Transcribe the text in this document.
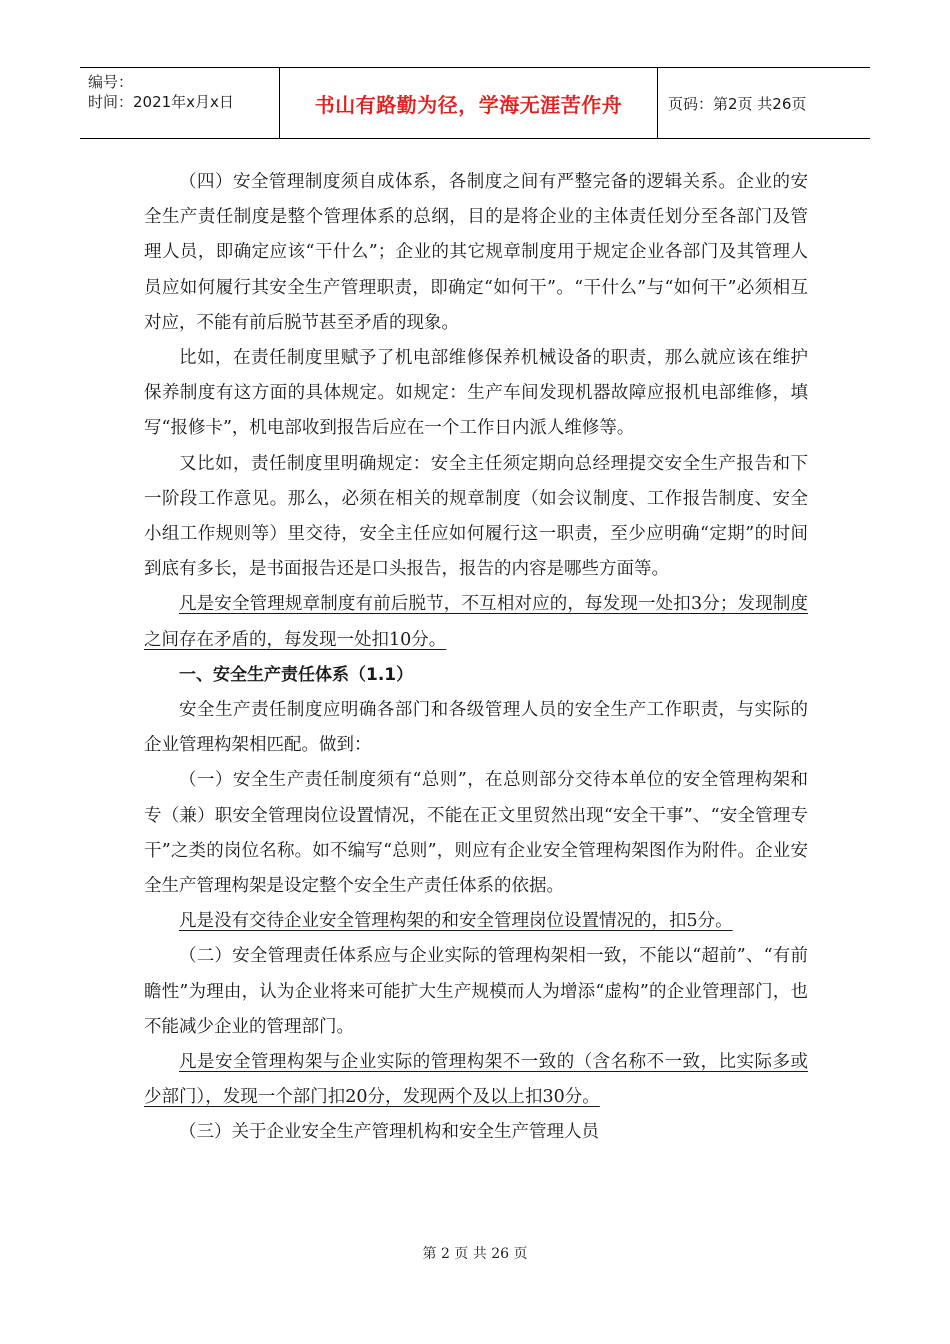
编号：
时间：2021年x月x日	书山有路勤为径，学海无涯苦作舟	页码：第2页 共26页

（四）安全管理制度须自成体系，各制度之间有严整完备的逻辑关系。企业的安全生产责任制度是整个管理体系的总纲，目的是将企业的主体责任划分至各部门及管理人员，即确定应该“干什么”；企业的其它规章制度用于规定企业各部门及其管理人员应如何履行其安全生产管理职责，即确定“如何干”。“干什么”与“如何干”必须相互对应，不能有前后脱节甚至矛盾的现象。

比如，在责任制度里赋予了机电部维修保养机械设备的职责，那么就应该在维护保养制度有这方面的具体规定。如规定：生产车间发现机器故障应报机电部维修，填写“报修卡”，机电部收到报告后应在一个工作日内派人维修等。

又比如，责任制度里明确规定：安全主任须定期向总经理提交安全生产报告和下一阶段工作意见。那么，必须在相关的规章制度（如会议制度、工作报告制度、安全小组工作规则等）里交待，安全主任应如何履行这一职责，至少应明确“定期”的时间到底有多长，是书面报告还是口头报告，报告的内容是哪些方面等。

凡是安全管理规章制度有前后脱节，不互相对应的，每发现一处扣3分；发现制度之间存在矛盾的，每发现一处扣10分。

一、安全生产责任体系（1.1）

安全生产责任制度应明确各部门和各级管理人员的安全生产工作职责，与实际的企业管理构架相匹配。做到：

（一）安全生产责任制度须有“总则”，在总则部分交待本单位的安全管理构架和专（兼）职安全管理岗位设置情况，不能在正文里贸然出现“安全干事”、“安全管理专干”之类的岗位名称。如不编写“总则”，则应有企业安全管理构架图作为附件。企业安全生产管理构架是设定整个安全生产责任体系的依据。

凡是没有交待企业安全管理构架的和安全管理岗位设置情况的，扣5分。

（二）安全管理责任体系应与企业实际的管理构架相一致，不能以“超前”、“有前瞻性”为理由，认为企业将来可能扩大生产规模而人为增添“虚构”的企业管理部门，也不能减少企业的管理部门。

凡是安全管理构架与企业实际的管理构架不一致的（含名称不一致，比实际多或少部门），发现一个部门扣20分，发现两个及以上扣30分。

（三）关于企业安全生产管理机构和安全生产管理人员

第 2 页 共 26 页
